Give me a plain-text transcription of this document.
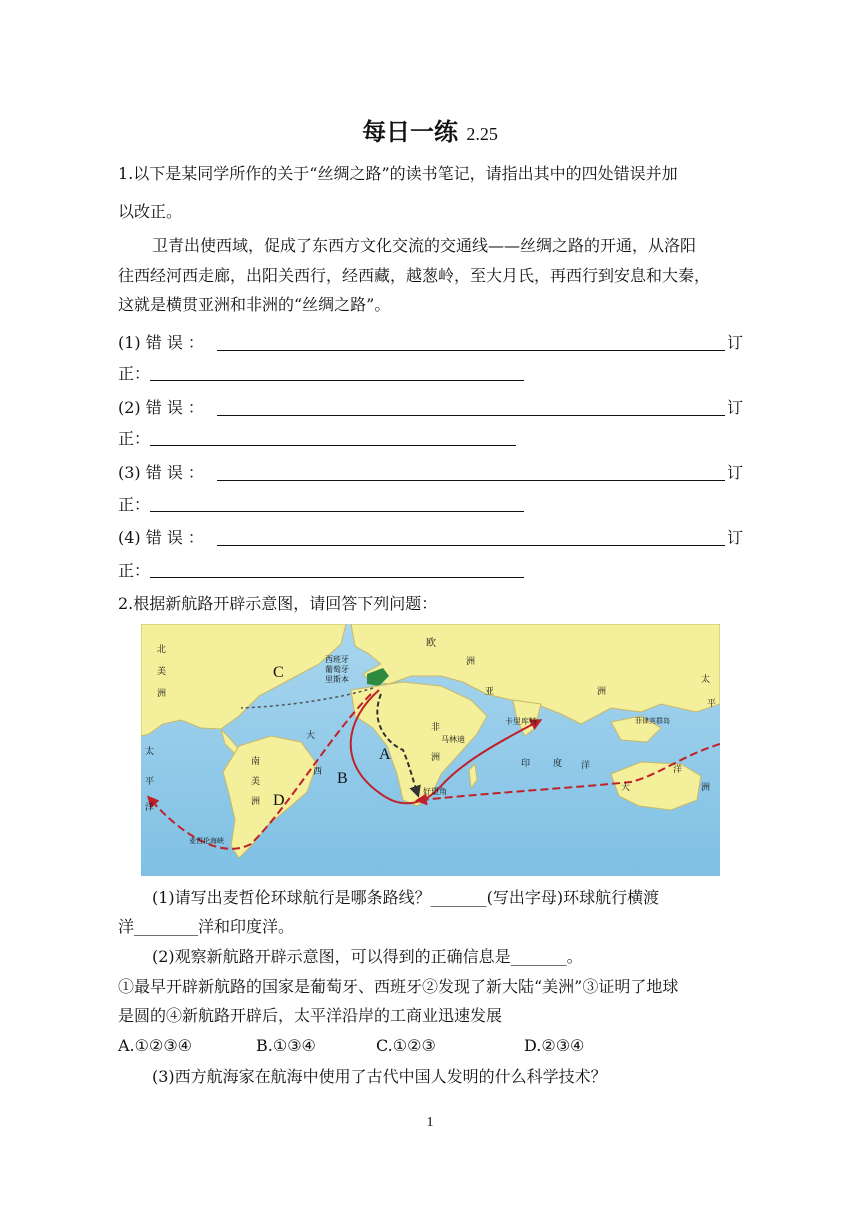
每日一练 2.25
1.以下是某同学所作的关于“丝绸之路”的读书笔记，请指出其中的四处错误并加
以改正。
卫青出使西域，促成了东西方文化交流的交通线——丝绸之路的开通，从洛阳
往西经河西走廊，出阳关西行，经西藏，越葱岭，至大月氏，再西行到安息和大秦，
这就是横贯亚洲和非洲的“丝绸之路”。
(1) 错 误 ：	订
正：
(2) 错 误 ：	订
正：
(3) 错 误 ：	订
正：
(4) 错 误 ：	订
正：
2.根据新航路开辟示意图，请回答下列问题：
北
美
洲
南
美
洲
欧
洲
亚	洲
非
洲
大
洋
洲
太
平
洋
太
平
大
西
印	度 洋
西班牙
葡萄牙
里斯本
卡里库特
马林迪
好望角
菲律宾群岛
麦哲伦海峡
A
B
C
D
(1)请写出麦哲伦环球航行是哪条路线？_______(写出字母)环球航行横渡
洋________洋和印度洋。
(2)观察新航路开辟示意图，可以得到的正确信息是_______。
①最早开辟新航路的国家是葡萄牙、西班牙②发现了新大陆“美洲”③证明了地球
是圆的④新航路开辟后，太平洋沿岸的工商业迅速发展
A.①②③④	B.①③④	C.①②③	D.②③④
(3)西方航海家在航海中使用了古代中国人发明的什么科学技术？
1
